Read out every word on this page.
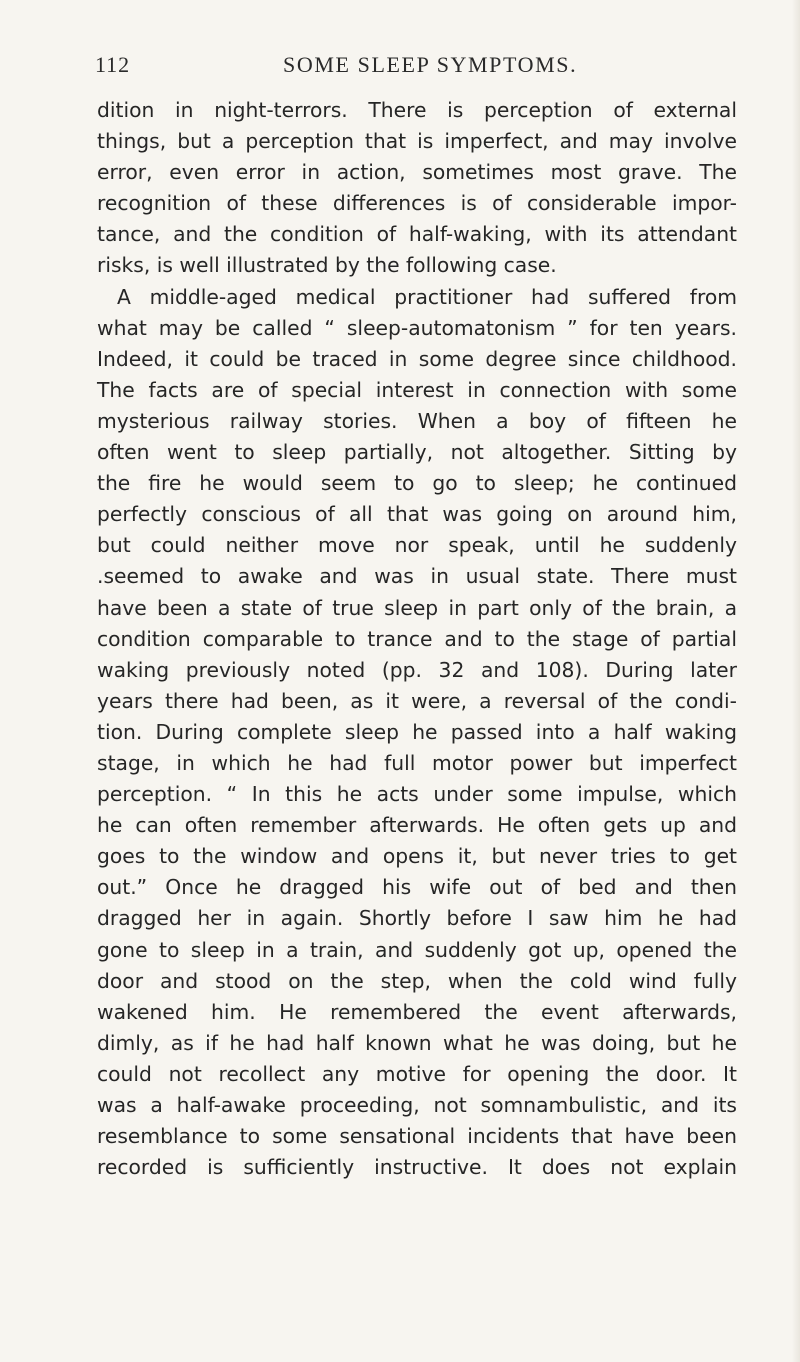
112	SOME SLEEP SYMPTOMS.
dition in night-terrors. There is perception of external
things, but a perception that is imperfect, and may involve
error, even error in action, sometimes most grave. The
recognition of these differences is of considerable impor-
tance, and the condition of half-waking, with its attendant
risks, is well illustrated by the following case.
A middle-aged medical practitioner had suffered from
what may be called “ sleep-automatonism ” for ten years.
Indeed, it could be traced in some degree since childhood.
The facts are of special interest in connection with some
mysterious railway stories. When a boy of fifteen he
often went to sleep partially, not altogether. Sitting by
the fire he would seem to go to sleep; he continued
perfectly conscious of all that was going on around him,
but could neither move nor speak, until he suddenly
.seemed to awake and was in usual state. There must
have been a state of true sleep in part only of the brain, a
condition comparable to trance and to the stage of partial
waking previously noted (pp. 32 and 108). During later
years there had been, as it were, a reversal of the condi-
tion. During complete sleep he passed into a half waking
stage, in which he had full motor power but imperfect
perception. “ In this he acts under some impulse, which
he can often remember afterwards. He often gets up and
goes to the window and opens it, but never tries to get
out.” Once he dragged his wife out of bed and then
dragged her in again. Shortly before I saw him he had
gone to sleep in a train, and suddenly got up, opened the
door and stood on the step, when the cold wind fully
wakened him. He remembered the event afterwards,
dimly, as if he had half known what he was doing, but he
could not recollect any motive for opening the door. It
was a half-awake proceeding, not somnambulistic, and its
resemblance to some sensational incidents that have been
recorded is sufficiently instructive. It does not explain
